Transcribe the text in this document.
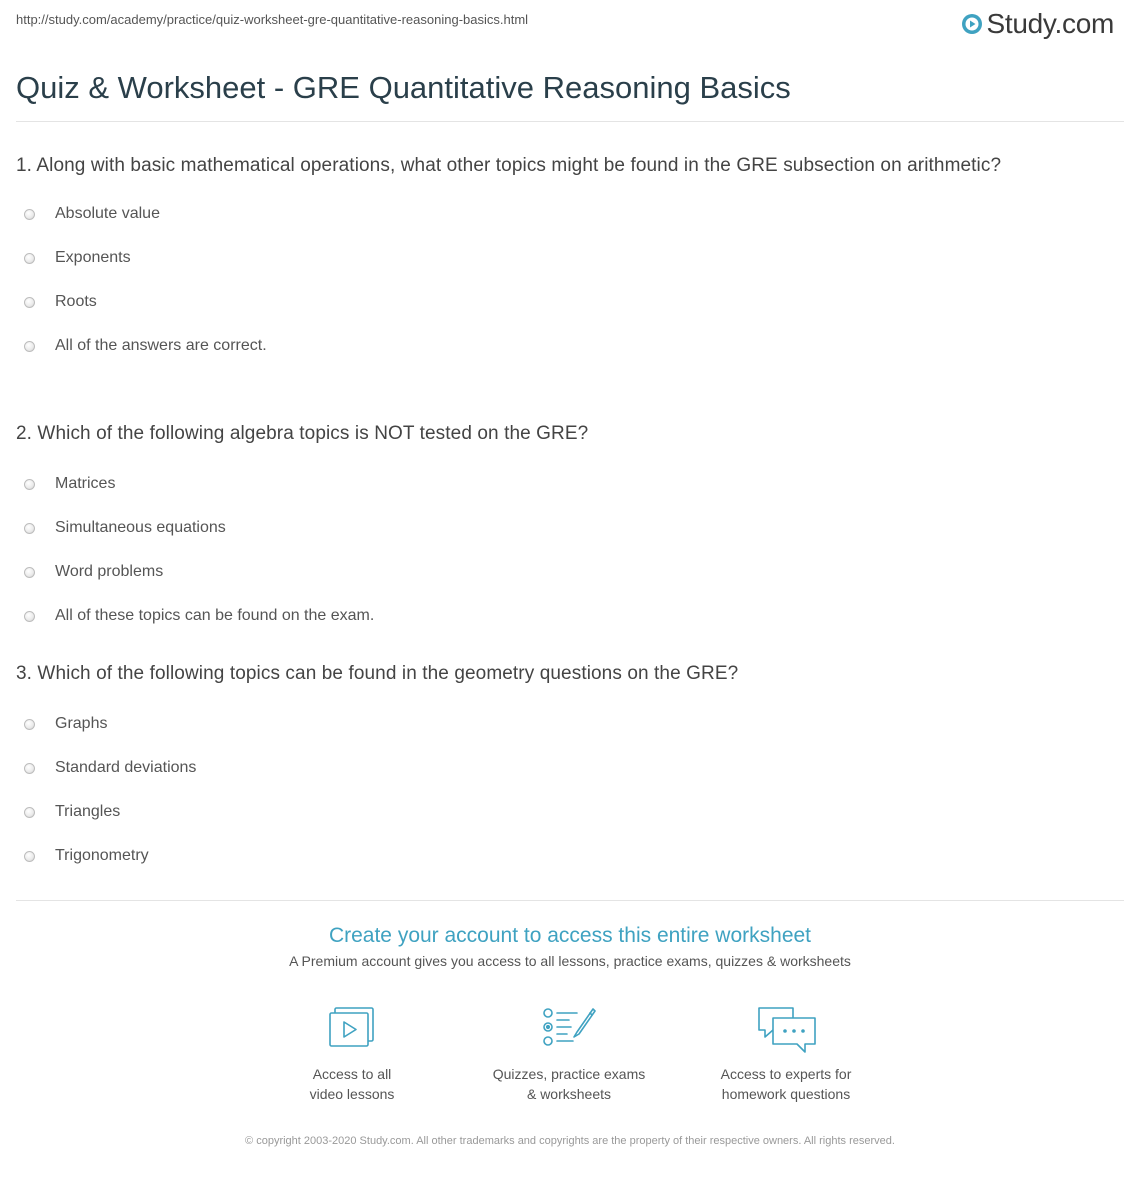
http://study.com/academy/practice/quiz-worksheet-gre-quantitative-reasoning-basics.html	Study.com
Quiz & Worksheet - GRE Quantitative Reasoning Basics
1. Along with basic mathematical operations, what other topics might be found in the GRE subsection on arithmetic?
Absolute value
Exponents
Roots
All of the answers are correct.
2. Which of the following algebra topics is NOT tested on the GRE?
Matrices
Simultaneous equations
Word problems
All of these topics can be found on the exam.
3. Which of the following topics can be found in the geometry questions on the GRE?
Graphs
Standard deviations
Triangles
Trigonometry
Create your account to access this entire worksheet
A Premium account gives you access to all lessons, practice exams, quizzes & worksheets
Access to all
video lessons
Quizzes, practice exams
& worksheets
Access to experts for
homework questions
© copyright 2003-2020 Study.com. All other trademarks and copyrights are the property of their respective owners. All rights reserved.
